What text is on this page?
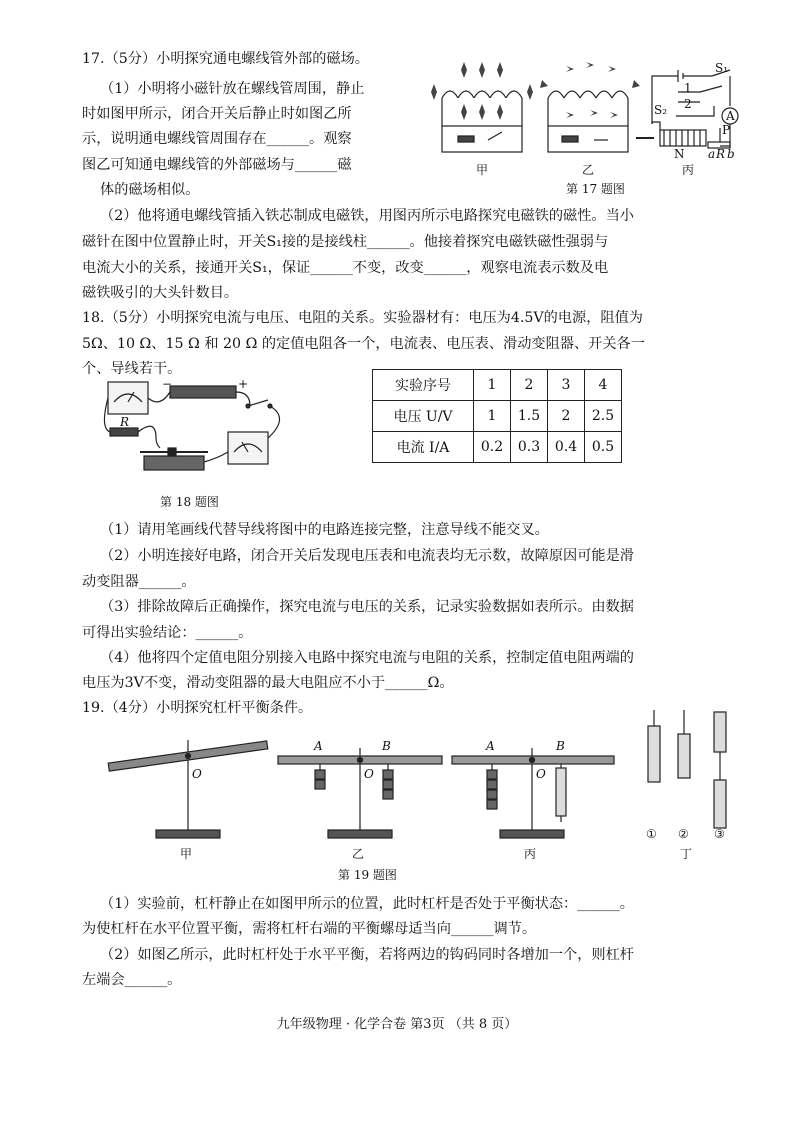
17.（5分）小明探究通电螺线管外部的磁场。
（1）小明将小磁针放在螺线管周围，静止
时如图甲所示，闭合开关后静止时如图乙所
示，说明通电螺线管周围存在______。观察
图乙可知通电螺线管的外部磁场与______磁
体的磁场相似。
S₁
1
2
S₂	A
N a R b
P
甲	乙	丙
第 17 题图
（2）他将通电螺线管插入铁芯制成电磁铁，用图丙所示电路探究电磁铁的磁性。当小
磁针在图中位置静止时，开关S₁接的是接线柱______。他接着探究电磁铁磁性强弱与
电流大小的关系，接通开关S₁，保证______不变，改变______，观察电流表示数及电
磁铁吸引的大头针数目。
18.（5分）小明探究电流与电压、电阻的关系。实验器材有：电压为4.5V的电源，阻值为
5Ω、10 Ω、15 Ω 和 20 Ω 的定值电阻各一个，电流表、电压表、滑动变阻器、开关各一
个、导线若干。
R
−	+
第 18 题图
实验序号	1	2	3	4
电压 U/V	1	1.5	2	2.5
电流 I/A	0.2	0.3	0.4	0.5
（1）请用笔画线代替导线将图中的电路连接完整，注意导线不能交叉。
（2）小明连接好电路，闭合开关后发现电压表和电流表均无示数，故障原因可能是滑
动变阻器______。
（3）排除故障后正确操作，探究电流与电压的关系，记录实验数据如表所示。由数据
可得出实验结论：______。
（4）他将四个定值电阻分别接入电路中探究电流与电阻的关系，控制定值电阻两端的
电压为3V不变，滑动变阻器的最大电阻应不小于______Ω。
19.（4分）小明探究杠杆平衡条件。
O	O
A	B
O
A	B
① ② ③
甲	乙	丙	丁
第 19 题图
（1）实验前，杠杆静止在如图甲所示的位置，此时杠杆是否处于平衡状态：______。
为使杠杆在水平位置平衡，需将杠杆右端的平衡螺母适当向______调节。
（2）如图乙所示，此时杠杆处于水平平衡，若将两边的钩码同时各增加一个，则杠杆
左端会______。
九年级物理 · 化学合卷 第3页 （共 8 页）
